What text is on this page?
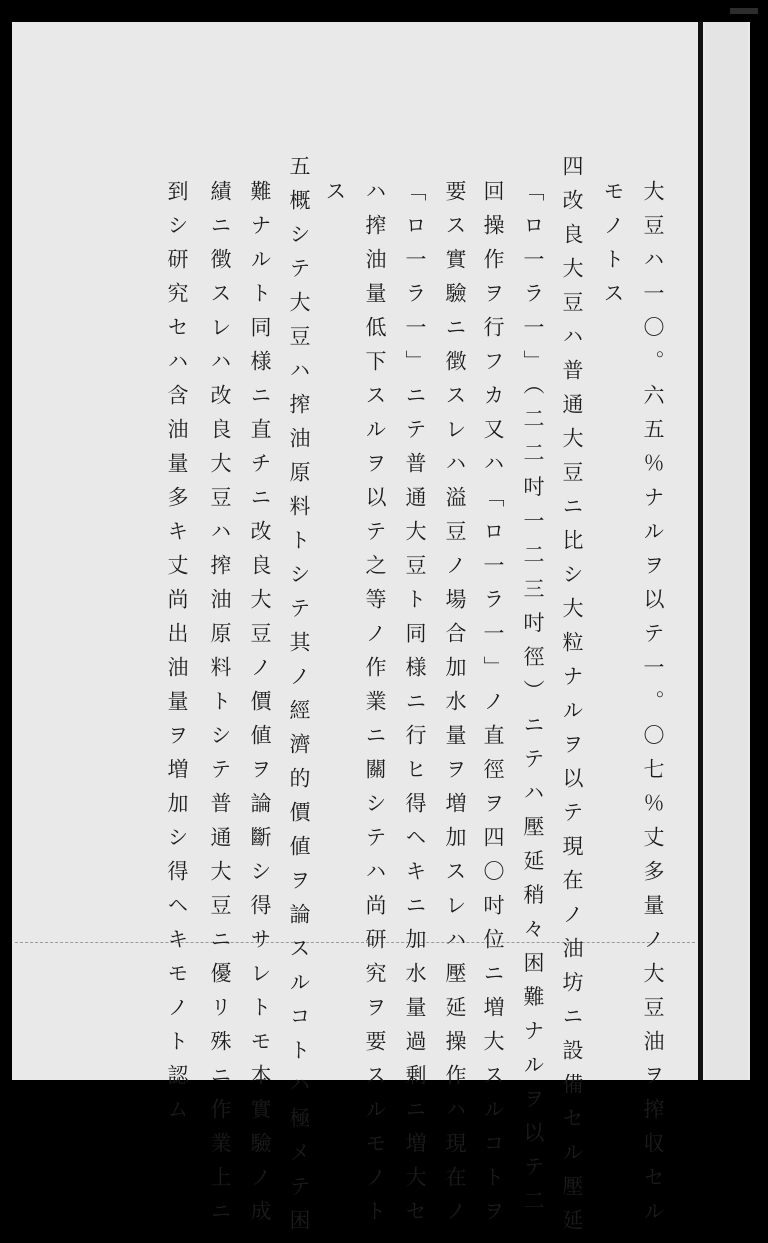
大豆ハ一〇。六五％ナルヲ以テ一。〇七％丈多量ノ大豆油ヲ搾収セル
モノトス
四改良大豆ハ普通大豆ニ比シ大粒ナルヲ以テ現在ノ油坊ニ設備セル壓延
「ロ一ラ一」（二二吋一二三吋徑）ニテハ壓延稍々困難ナルヲ以テ二
回操作ヲ行フカ又ハ「ロ一ラ一」ノ直徑ヲ四〇吋位ニ増大スルコトヲ
要ス實驗ニ徴スレハ溢豆ノ場合加水量ヲ増加スレハ壓延操作ハ現在ノ
「ロ一ラ一」ニテ普通大豆ト同様ニ行ヒ得ヘキニ加水量過剰ニ増大セ
ハ搾油量低下スルヲ以テ之等ノ作業ニ關シテハ尚研究ヲ要スルモノト
ス
五概シテ大豆ハ搾油原料トシテ其ノ經濟的價値ヲ論スルコトハ極メテ困
難ナルト同様ニ直チニ改良大豆ノ價値ヲ論斷シ得サレトモ本實驗ノ成
績ニ徴スレハ改良大豆ハ搾油原料トシテ普通大豆ニ優リ殊ニ作業上ニ
到シ研究セハ含油量多キ丈尚出油量ヲ増加シ得ヘキモノト認ム
